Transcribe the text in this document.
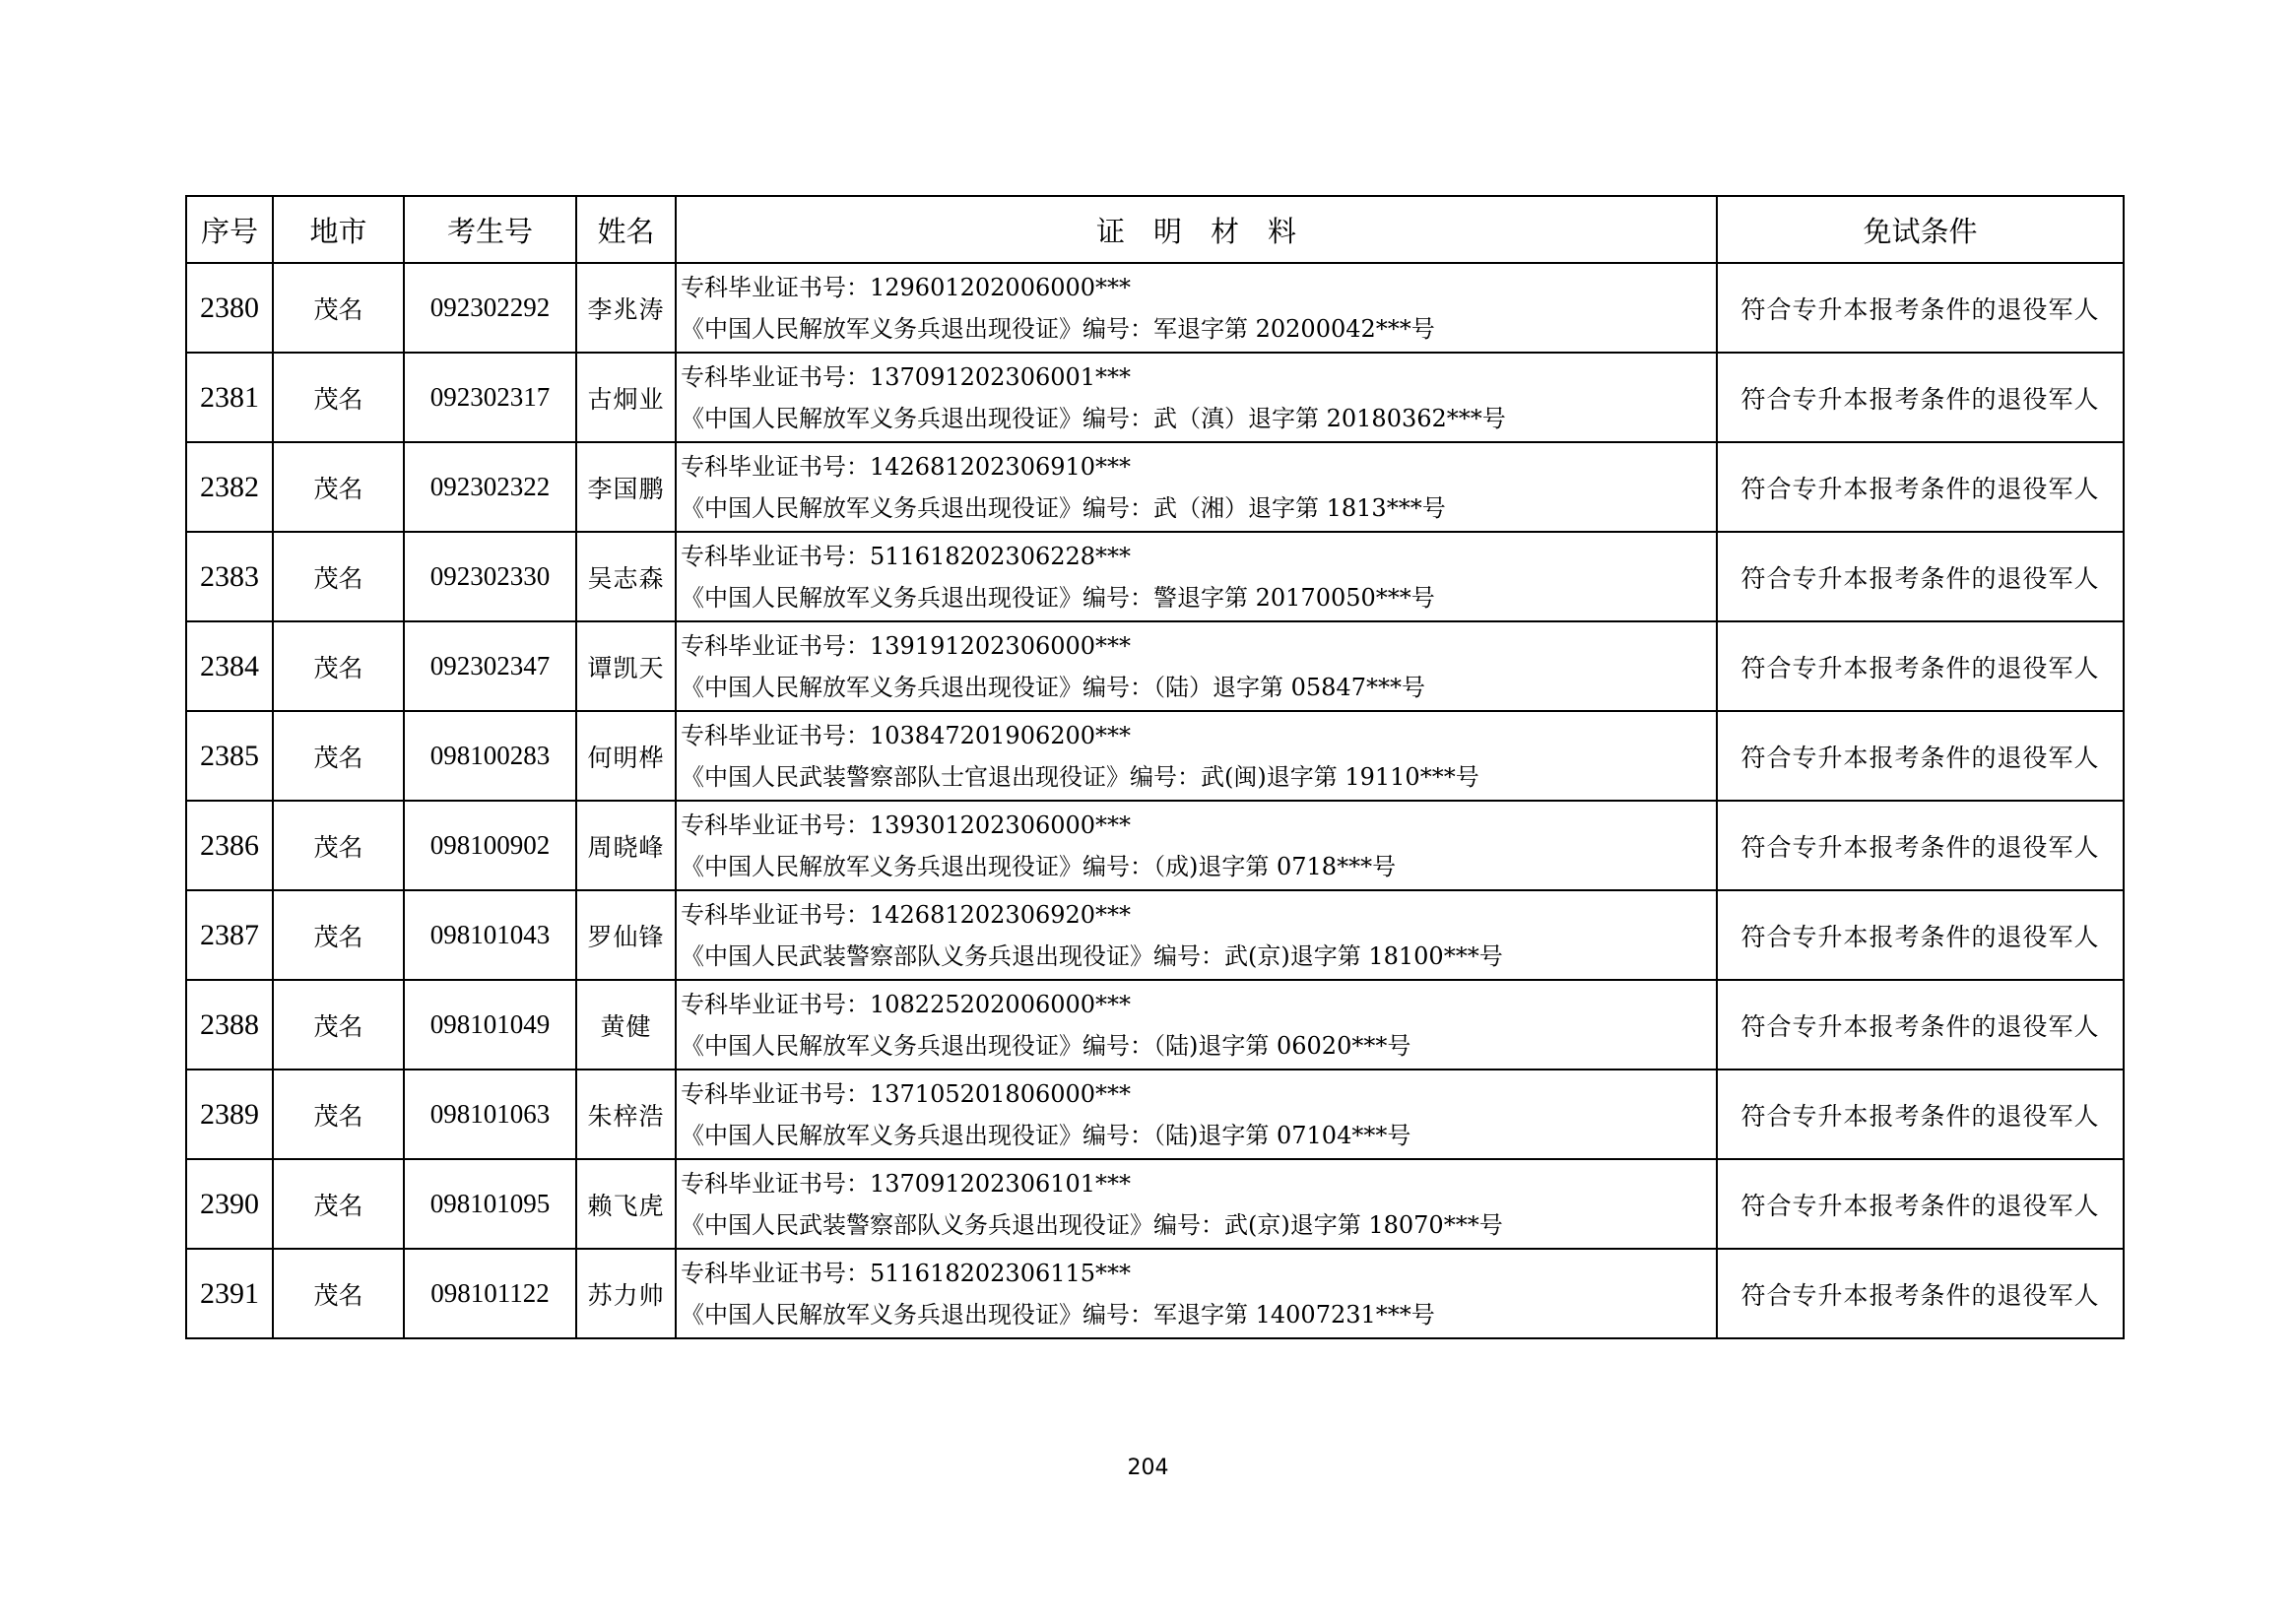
序号	地市	考生号	姓名	证　明　材　料	免试条件
2380	茂名	092302292	李兆涛	专科毕业证书号：129601202006000***
《中国人民解放军义务兵退出现役证》编号：军退字第 20200042***号	符合专升本报考条件的退役军人
2381	茂名	092302317	古炯业	专科毕业证书号：137091202306001***
《中国人民解放军义务兵退出现役证》编号：武（滇）退字第 20180362***号	符合专升本报考条件的退役军人
2382	茂名	092302322	李国鹏	专科毕业证书号：142681202306910***
《中国人民解放军义务兵退出现役证》编号：武（湘）退字第 1813***号	符合专升本报考条件的退役军人
2383	茂名	092302330	吴志森	专科毕业证书号：511618202306228***
《中国人民解放军义务兵退出现役证》编号：警退字第 20170050***号	符合专升本报考条件的退役军人
2384	茂名	092302347	谭凯天	专科毕业证书号：139191202306000***
《中国人民解放军义务兵退出现役证》编号：（陆）退字第 05847***号	符合专升本报考条件的退役军人
2385	茂名	098100283	何明桦	专科毕业证书号：103847201906200***
《中国人民武装警察部队士官退出现役证》编号：武(闽)退字第 19110***号	符合专升本报考条件的退役军人
2386	茂名	098100902	周晓峰	专科毕业证书号：139301202306000***
《中国人民解放军义务兵退出现役证》编号：（成)退字第 0718***号	符合专升本报考条件的退役军人
2387	茂名	098101043	罗仙锋	专科毕业证书号：142681202306920***
《中国人民武装警察部队义务兵退出现役证》编号：武(京)退字第 18100***号	符合专升本报考条件的退役军人
2388	茂名	098101049	黄健	专科毕业证书号：108225202006000***
《中国人民解放军义务兵退出现役证》编号：（陆)退字第 06020***号	符合专升本报考条件的退役军人
2389	茂名	098101063	朱梓浩	专科毕业证书号：137105201806000***
《中国人民解放军义务兵退出现役证》编号：（陆)退字第 07104***号	符合专升本报考条件的退役军人
2390	茂名	098101095	赖飞虎	专科毕业证书号：137091202306101***
《中国人民武装警察部队义务兵退出现役证》编号：武(京)退字第 18070***号	符合专升本报考条件的退役军人
2391	茂名	098101122	苏力帅	专科毕业证书号：511618202306115***
《中国人民解放军义务兵退出现役证》编号：军退字第 14007231***号	符合专升本报考条件的退役军人
204
